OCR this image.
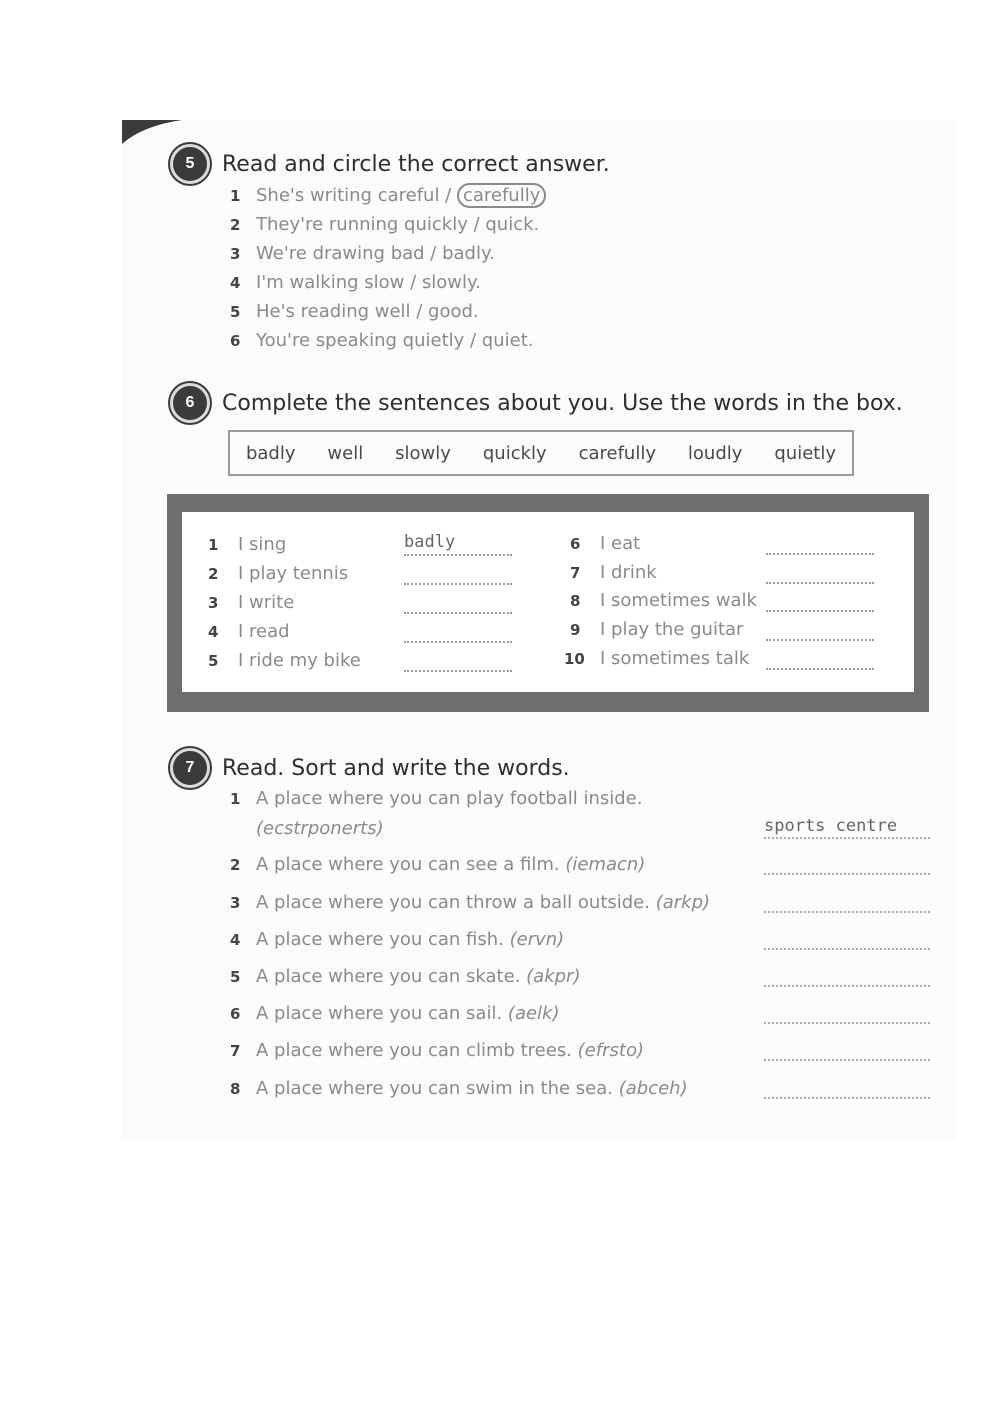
5	Read and circle the correct answer.
1 She's writing careful / carefully
2 They're running quickly / quick.
3 We're drawing bad / badly.
4 I'm walking slow / slowly.
5 He's reading well / good.
6 You're speaking quietly / quiet.
6	Complete the sentences about you. Use the words in the box.
badly well slowly quickly carefully loudly quietly
1 I sing	badly
2 I play tennis
3 I write
4 I read
5 I ride my bike
6 I eat
7 I drink
8 I sometimes walk
9 I play the guitar
10 I sometimes talk
7	Read. Sort and write the words.
1 A place where you can play football inside.
(ecstrponerts)	sports centre
2 A place where you can see a film. (iemacn)
3 A place where you can throw a ball outside. (arkp)
4 A place where you can fish. (ervn)
5 A place where you can skate. (akpr)
6 A place where you can sail. (aelk)
7 A place where you can climb trees. (efrsto)
8 A place where you can swim in the sea. (abceh)
